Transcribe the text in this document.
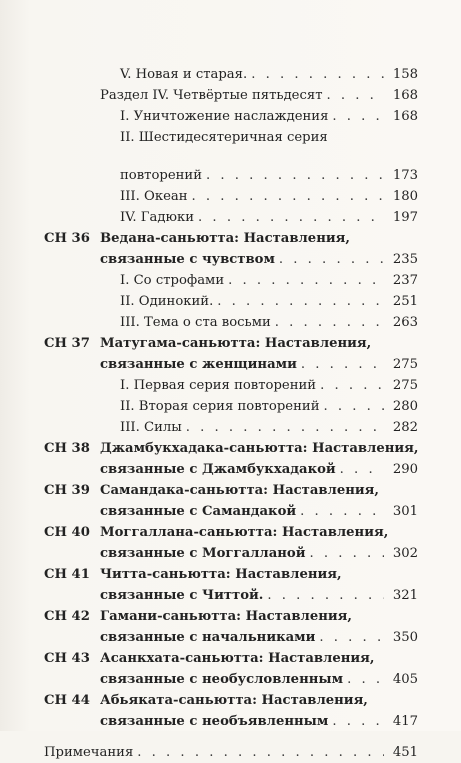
V. Новая и старая. . . .	158
Раздел IV. Четвёртые пятьдесят . . .	168
I. Уничтожение наслаждения . . .	168
II. Шестидесятеричная серия
повторений . . .	173
III. Океан . . .	180
IV. Гадюки . . .	197
СН 36 Ведана-саньютта: Наставления,
связанные с чувством . . .	235
I. Со строфами . . .	237
II. Одинокий. . . .	251
III. Тема о ста восьми . . .	263
СН 37 Матугама-саньютта: Наставления,
связанные с женщинами . . .	275
I. Первая серия повторений . . .	275
II. Вторая серия повторений . . .	280
III. Силы . . .	282
СН 38 Джамбукхадака-саньютта: Наставления,
связанные с Джамбукхадакой . . .	290
СН 39 Самандака-саньютта: Наставления,
связанные с Самандакой . . .	301
СН 40 Моггаллана-саньютта: Наставления,
связанные с Моггалланой . . .	302
СН 41 Читта-саньютта: Наставления,
связанные с Читтой. . . .	321
СН 42 Гамани-саньютта: Наставления,
связанные с начальниками . . .	350
СН 43 Асанкхата-саньютта: Наставления,
связанные с необусловленным . . .	405
СН 44 Абьяката-саньютта: Наставления,
связанные с необъявленным . . .	417
Примечания . . .	451
